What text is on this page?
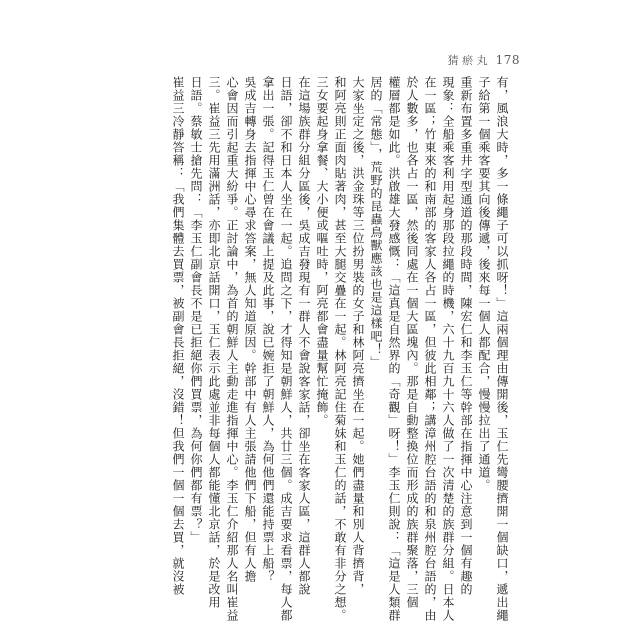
猜 瘀 丸 178
有，風浪大時，多一條繩子可以抓呀！」這兩個理由傳開後，玉仁先彎腰擠開一個缺口，遞出繩
子給第一個乘客要其向後傳遞，後來每一個人都配合，慢慢拉出了通道。
重新布置多重井字型通道的那段時間，陳宏仁和李玉仁等幹部在指揮中心注意到一個有趣的
現象：全船乘客利用起身那段拉繩的時機，六十九百九十六人做了一次清楚的族群分組。日本人
在一區；竹東來的和南部的客家人各占一區，但彼此相鄰；講漳州腔台語的和泉州腔台語的，由
於人數多，也各占一區，然後同處在一個大區塊內。那是自動整換位而形成的族群聚落，三個
權層都是如此。洪啟雄大發感慨：「這真是自然界的「奇觀」呀！」李玉仁則說：「這是人類群
居的「常態」，荒野的昆蟲鳥獸應該也是這樣吧！」
大家坐定之後，洪金珠等三位扮男裝的女子和林阿亮擠坐在一起。她們盡量和別人背擠背，
和阿亮則正面肉貼著肉，甚至大腿交疊在一起。林阿亮記住菊妹和玉仁的話，不敢有非分之想。
三女要起身拿餐、大小便或嘔吐時，阿亮都會盡量幫忙掩飾。
在這場族群分組分區後，吳成吉發現有一群人不會說客家話，卻坐在客家人區，這群人都說
日語，卻不和日本人坐在一起。追問之下，才得知是朝鮮人，共廿三個。成吉要求看票，每人都
拿出一張。記得玉仁曾在會議上提及此事，說已婉拒了朝鮮人，為何他們還能持票上船？
吳成吉轉身去指揮中心尋求答案，無人知道原因。幹部中有人主張請他們下船，但有人擔
心會因而引起重大紛爭。正討論中，為首的朝鮮人主動走進指揮中心。李玉仁介紹那人名叫崔益
三。崔益三先用滿洲話，亦即北京話開口，玉仁表示此處並非每個人都能懂北京話，於是改用
日語。蔡敏士搶先問：「李玉仁副會長不是已拒絕你們買票，為何你們都有票？」
崔益三冷靜答稱：「我們集體去買票，被副會長拒絕，沒錯！但我們一個一個去買，就沒被
